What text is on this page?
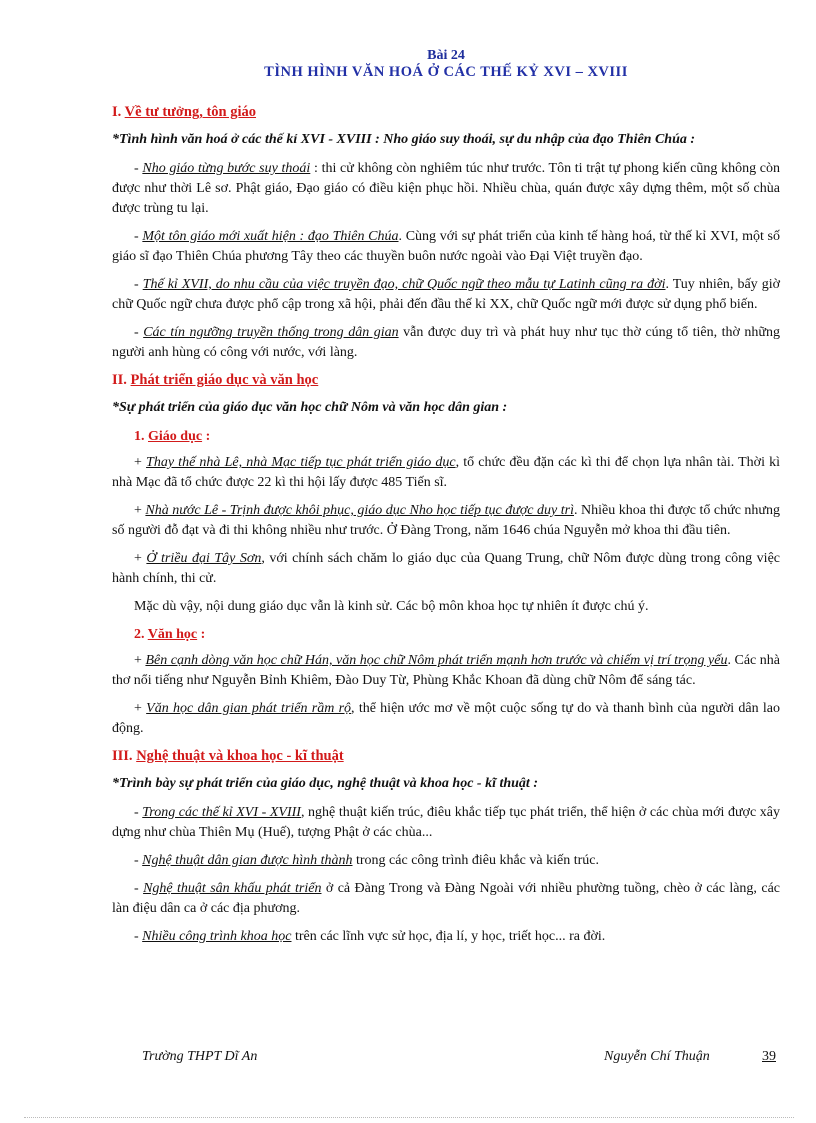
Bài 24
TÌNH HÌNH VĂN HOÁ Ở CÁC THẾ KỶ XVI – XVIII
I. Về tư tưởng, tôn giáo
*Tình hình văn hoá ở các thế kỉ XVI - XVIII : Nho giáo suy thoái, sự du nhập của đạo Thiên Chúa :

- Nho giáo từng bước suy thoái : thi cử không còn nghiêm túc như trước. Tôn ti trật tự phong kiến cũng không còn được như thời Lê sơ. Phật giáo, Đạo giáo có điều kiện phục hồi. Nhiều chùa, quán được xây dựng thêm, một số chùa được trùng tu lại.

- Một tôn giáo mới xuất hiện : đạo Thiên Chúa. Cùng với sự phát triển của kinh tế hàng hoá, từ thế kỉ XVI, một số giáo sĩ đạo Thiên Chúa phương Tây theo các thuyền buôn nước ngoài vào Đại Việt truyền đạo.

- Thế kỉ XVII, do nhu cầu của việc truyền đạo, chữ Quốc ngữ theo mẫu tự Latinh cũng ra đời. Tuy nhiên, bấy giờ chữ Quốc ngữ chưa được phổ cập trong xã hội, phải đến đầu thế kỉ XX, chữ Quốc ngữ mới được sử dụng phổ biến.

- Các tín ngưỡng truyền thống trong dân gian vẫn được duy trì và phát huy như tục thờ cúng tổ tiên, thờ những người anh hùng có công với nước, với làng.

II. Phát triển giáo dục và văn học
*Sự phát triển của giáo dục văn học chữ Nôm và văn học dân gian :
1. Giáo dục :

+ Thay thế nhà Lê, nhà Mạc tiếp tục phát triển giáo dục, tổ chức đều đặn các kì thi để chọn lựa nhân tài. Thời kì nhà Mạc đã tổ chức được 22 kì thi hội lấy được 485 Tiến sĩ.

+ Nhà nước Lê - Trịnh được khôi phục, giáo dục Nho học tiếp tục được duy trì. Nhiều khoa thi được tổ chức nhưng số người đỗ đạt và đi thi không nhiều như trước. Ở Đàng Trong, năm 1646 chúa Nguyễn mở khoa thi đầu tiên.

+ Ở triều đại Tây Sơn, với chính sách chăm lo giáo dục của Quang Trung, chữ Nôm được dùng trong công việc hành chính, thi cử.

Mặc dù vậy, nội dung giáo dục vẫn là kinh sử. Các bộ môn khoa học tự nhiên ít được chú ý.

2. Văn học :

+ Bên cạnh dòng văn học chữ Hán, văn học chữ Nôm phát triển mạnh hơn trước và chiếm vị trí trọng yếu. Các nhà thơ nổi tiếng như Nguyễn Bỉnh Khiêm, Đào Duy Từ, Phùng Khắc Khoan đã dùng chữ Nôm để sáng tác.

+ Văn học dân gian phát triển rầm rộ, thể hiện ước mơ về một cuộc sống tự do và thanh bình của người dân lao động.

III. Nghệ thuật và khoa học - kĩ thuật
*Trình bày sự phát triển của giáo dục, nghệ thuật và khoa học - kĩ thuật :

- Trong các thế kỉ XVI - XVIII, nghệ thuật kiến trúc, điêu khắc tiếp tục phát triển, thể hiện ở các chùa mới được xây dựng như chùa Thiên Mụ (Huế), tượng Phật ở các chùa...

- Nghệ thuật dân gian được hình thành trong các công trình điêu khắc và kiến trúc.

- Nghệ thuật sân khấu phát triển ở cả Đàng Trong và Đàng Ngoài với nhiều phường tuồng, chèo ở các làng, các làn điệu dân ca ở các địa phương.

- Nhiều công trình khoa học trên các lĩnh vực sử học, địa lí, y học, triết học... ra đời.

Trường THPT Dĩ An	Nguyễn Chí Thuận	39
